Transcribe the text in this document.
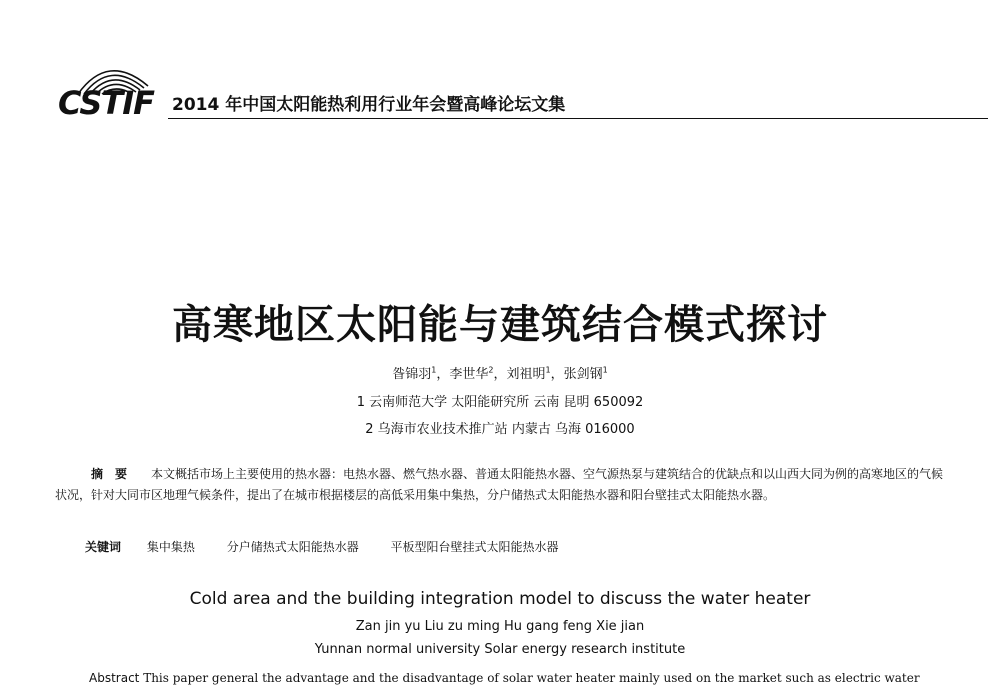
CSTIF 2014 年中国太阳能热利用行业年会暨高峰论坛文集
高寒地区太阳能与建筑结合模式探讨
昝锦羽$^1$，李世华$^2$，刘祖明$^1$，张剑钢$^1$
1 云南师范大学 太阳能研究所 云南 昆明 650092
2 乌海市农业技术推广站 内蒙古 乌海 016000
摘　要　　 本文概括市场上主要使用的热水器：电热水器、燃气热水器、普通太阳能热水器、空气源热泵与建筑结合的优缺点和以山西大同为例的高寒地区的气候状况，针对大同市区地理气候条件，提出了在城市根据楼层的高低采用集中集热，分户储热式太阳能热水器和阳台壁挂式太阳能热水器。
关键词 集中集热	分户储热式太阳能热水器	平板型阳台壁挂式太阳能热水器
Cold area and the building integration model to discuss the water heater
Zan jin yu Liu zu ming Hu gang feng Xie jian
Yunnan normal university Solar energy research institute
Abstract This paper general the advantage and the disadvantage of solar water heater mainly used on the market such as electric water
